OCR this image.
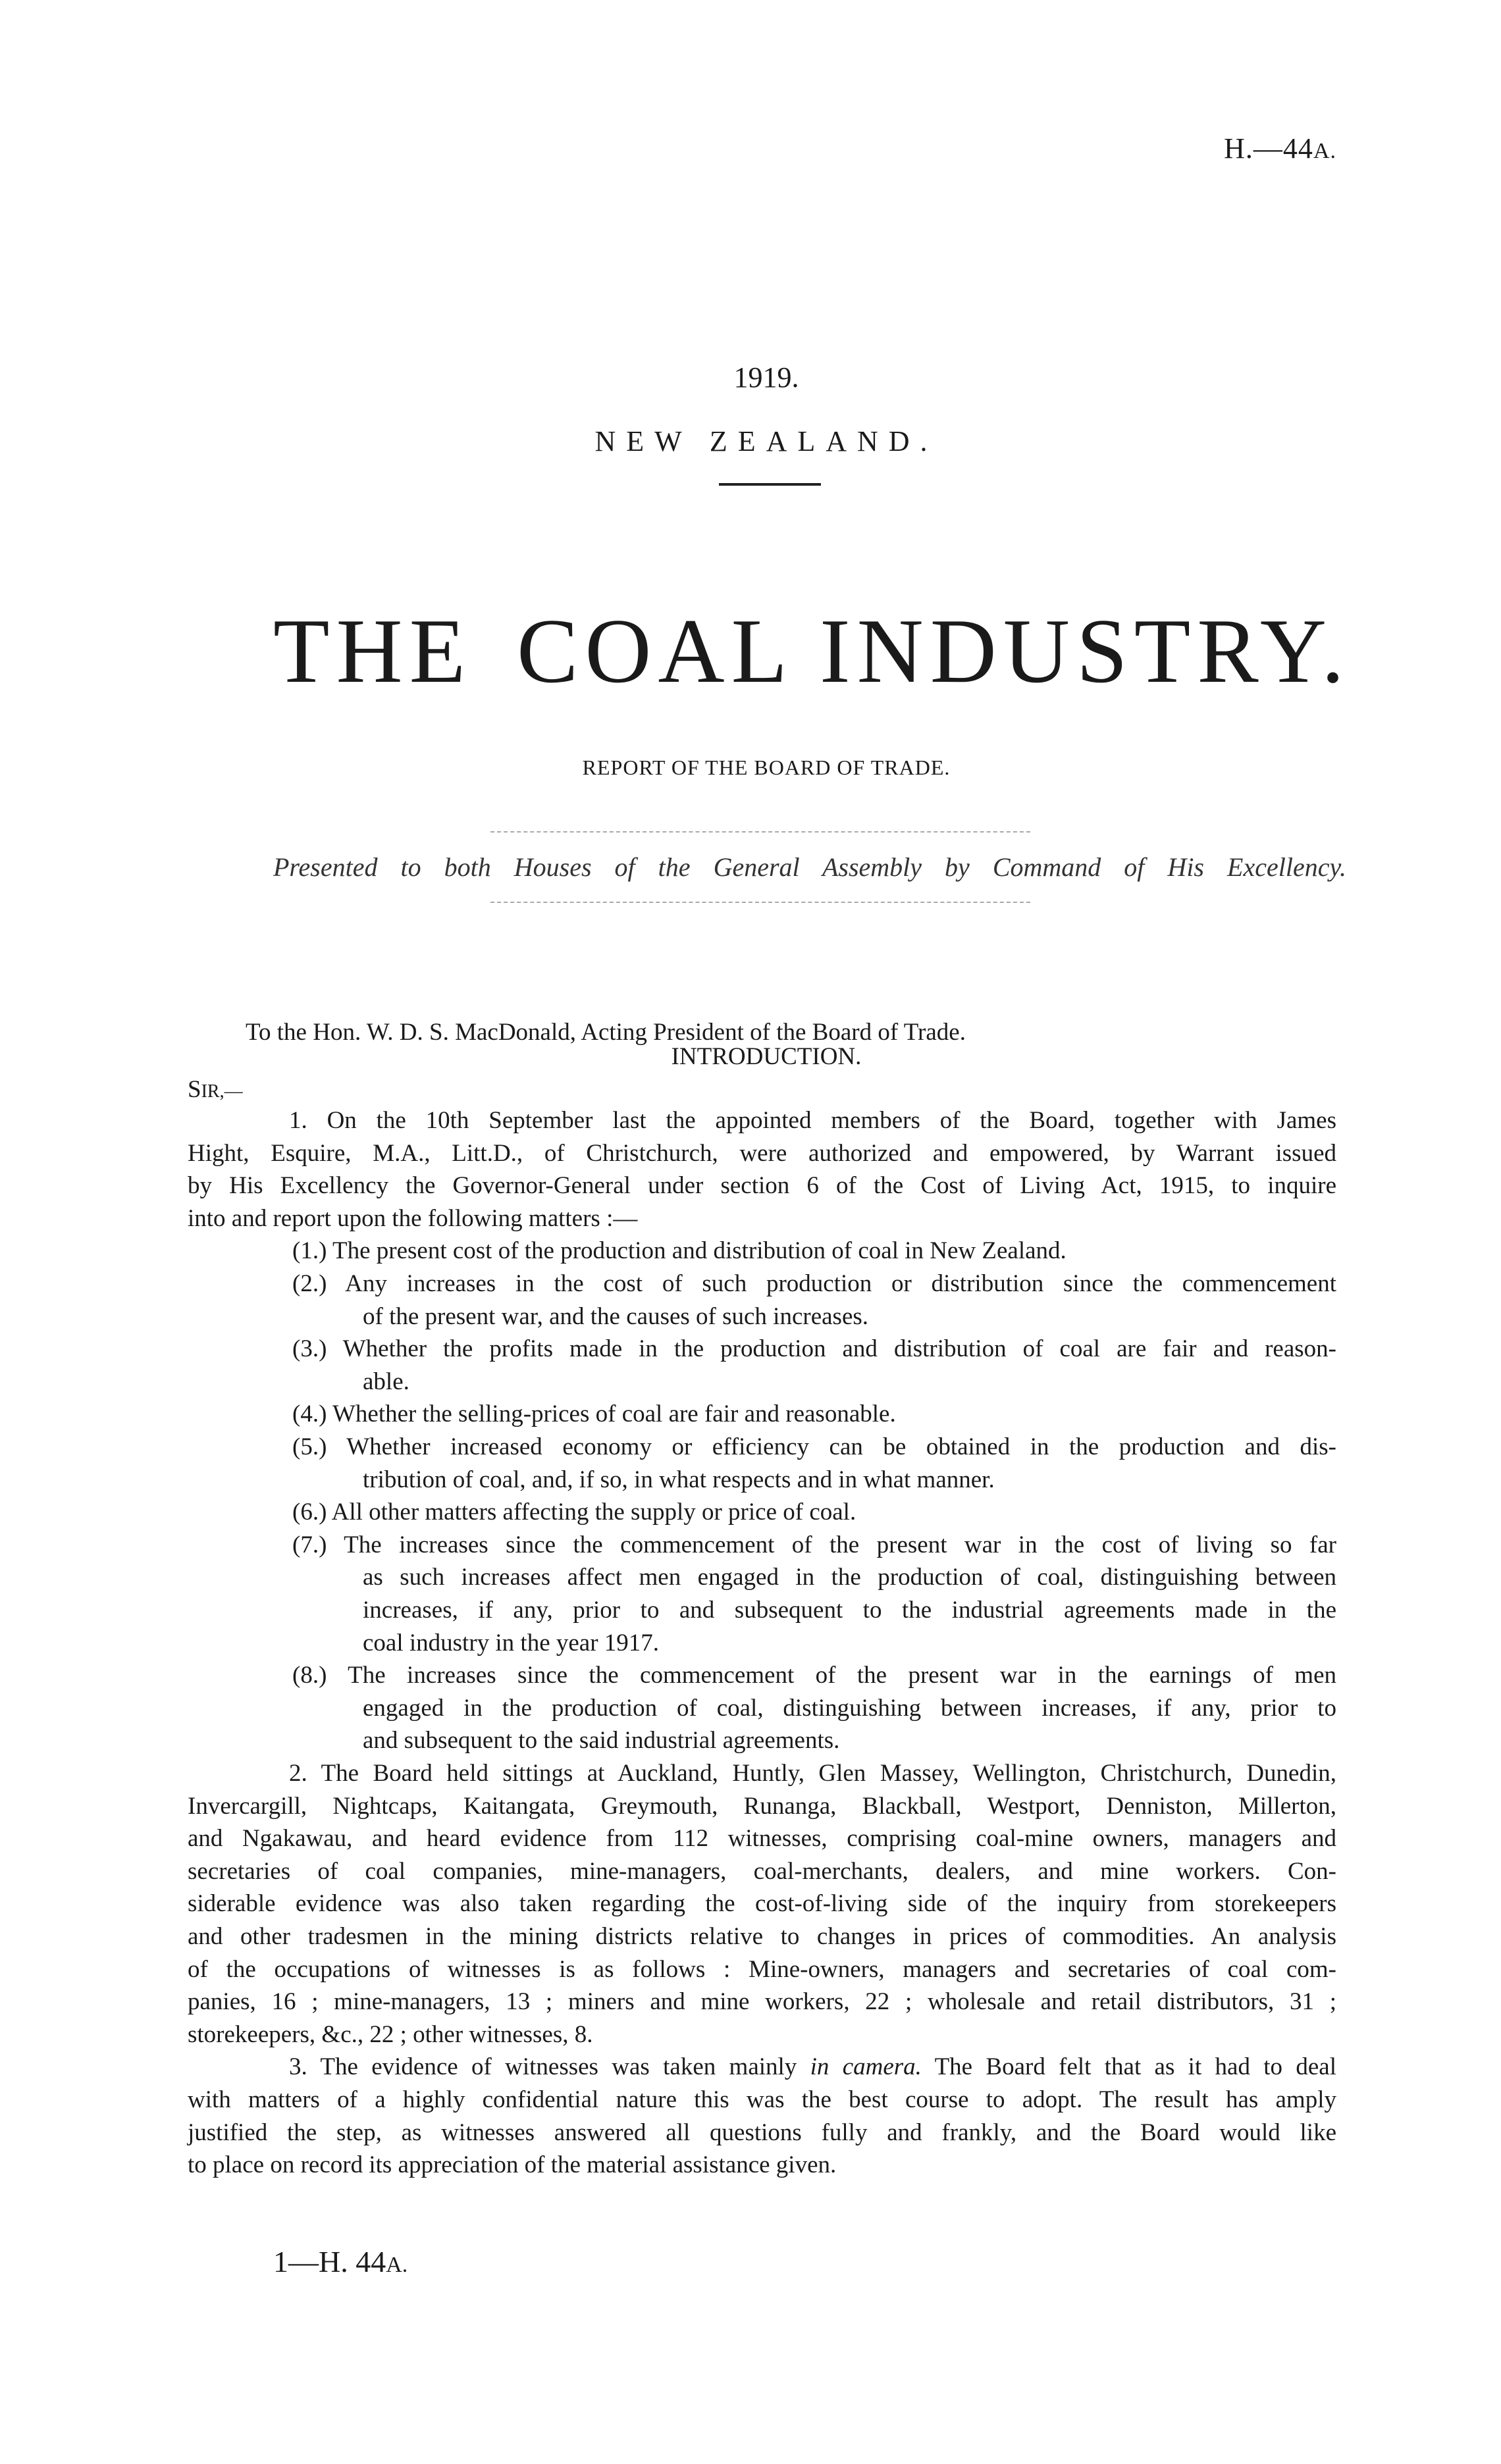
H.—44A.
1919.
NEW ZEALAND.
THE COAL INDUSTRY.
REPORT OF THE BOARD OF TRADE.
Presented to both Houses of the General Assembly by Command of His Excellency.
To the Hon. W. D. S. MacDonald, Acting President of the Board of Trade.
INTRODUCTION.
SIR,—
1. On the 10th September last the appointed members of the Board, together with James
Hight, Esquire, M.A., Litt.D., of Christchurch, were authorized and empowered, by Warrant issued
by His Excellency the Governor-General under section 6 of the Cost of Living Act, 1915, to inquire
into and report upon the following matters :—
(1.) The present cost of the production and distribution of coal in New Zealand.
(2.) Any increases in the cost of such production or distribution since the commencement
of the present war, and the causes of such increases.
(3.) Whether the profits made in the production and distribution of coal are fair and reason-
able.
(4.) Whether the selling-prices of coal are fair and reasonable.
(5.) Whether increased economy or efficiency can be obtained in the production and dis-
tribution of coal, and, if so, in what respects and in what manner.
(6.) All other matters affecting the supply or price of coal.
(7.) The increases since the commencement of the present war in the cost of living so far
as such increases affect men engaged in the production of coal, distinguishing between
increases, if any, prior to and subsequent to the industrial agreements made in the
coal industry in the year 1917.
(8.) The increases since the commencement of the present war in the earnings of men
engaged in the production of coal, distinguishing between increases, if any, prior to
and subsequent to the said industrial agreements.
2. The Board held sittings at Auckland, Huntly, Glen Massey, Wellington, Christchurch, Dunedin,
Invercargill, Nightcaps, Kaitangata, Greymouth, Runanga, Blackball, Westport, Denniston, Millerton,
and Ngakawau, and heard evidence from 112 witnesses, comprising coal-mine owners, managers and
secretaries of coal companies, mine-managers, coal-merchants, dealers, and mine workers. Con-
siderable evidence was also taken regarding the cost-of-living side of the inquiry from storekeepers
and other tradesmen in the mining districts relative to changes in prices of commodities. An analysis
of the occupations of witnesses is as follows : Mine-owners, managers and secretaries of coal com-
panies, 16 ; mine-managers, 13 ; miners and mine workers, 22 ; wholesale and retail distributors, 31 ;
storekeepers, &c., 22 ; other witnesses, 8.
3. The evidence of witnesses was taken mainly in camera. The Board felt that as it had to deal
with matters of a highly confidential nature this was the best course to adopt. The result has amply
justified the step, as witnesses answered all questions fully and frankly, and the Board would like
to place on record its appreciation of the material assistance given.
1—H. 44A.
